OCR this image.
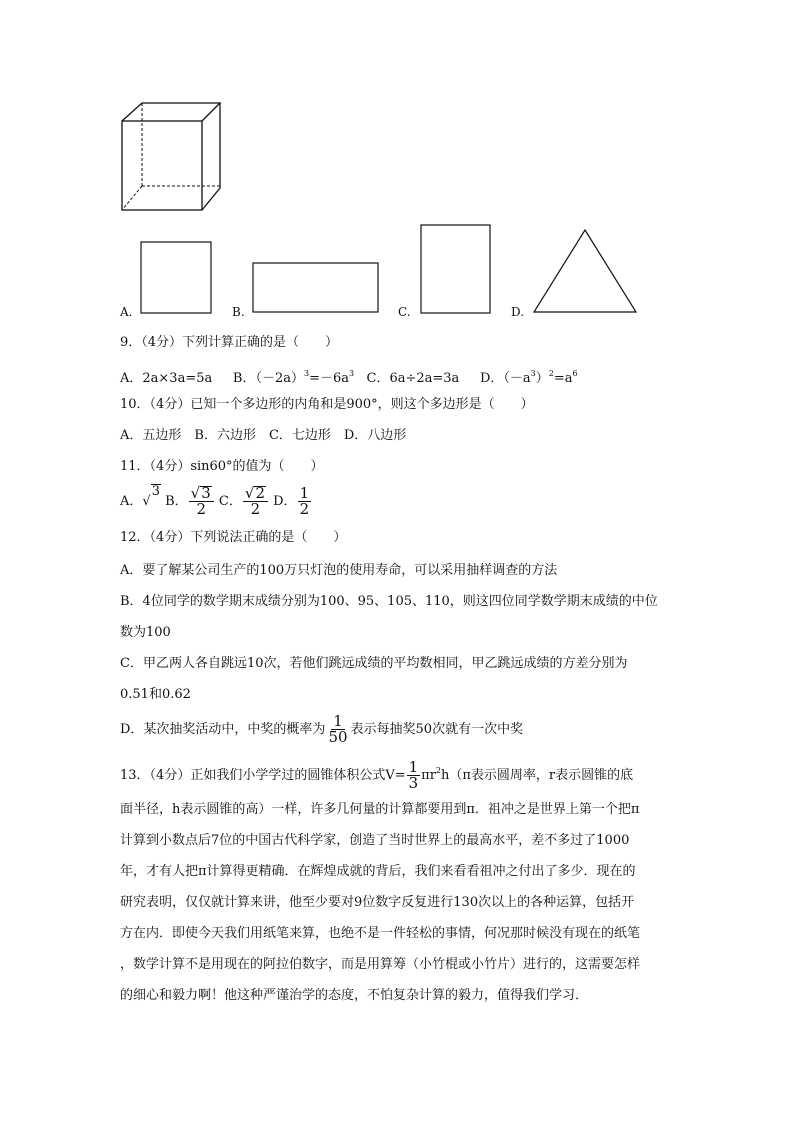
A.	B.	C.	D.
9．（4分）下列计算正确的是（　　）
A．2a×3a=5a B．$(-2a)^3=-6a^3$ C．6a÷2a=3a D．$(-a^3)^2=a^6$
10．（4分）已知一个多边形的内角和是900°，则这个多边形是（　　）
A．五边形　B．六边形　C．七边形　D．八边形
11．（4分）sin60°的值为（　　）
A．√
3
B． $\frac{√ 3}{2}$ C． $\frac{√ 2}{2}$ D． $\frac{1}{2}$
12．（4分）下列说法正确的是（　　）
A．要了解某公司生产的100万只灯泡的使用寿命，可以采用抽样调查的方法
B．4位同学的数学期末成绩分别为100、95、105、110，则这四位同学数学期末成绩的中位
数为100
C．甲乙两人各自跳远10次，若他们跳远成绩的平均数相同，甲乙跳远成绩的方差分别为
0.51和0.62
D．某次抽奖活动中，中奖的概率为 $\frac{1}{50}$ 表示每抽奖50次就有一次中奖
13．（4分）正如我们小学学过的圆锥体积公式$V= \frac{1}{3} \pi r^2h(\pi$表示圆周率，r表示圆锥的底
面半径，h表示圆锥的高）一样，许多几何量的计算都要用到π．祖冲之是世界上第一个把π
计算到小数点后7位的中国古代科学家，创造了当时世界上的最高水平，差不多过了1000
年，才有人把π计算得更精确．在辉煌成就的背后，我们来看看祖冲之付出了多少．现在的
研究表明，仅仅就计算来讲，他至少要对9位数字反复进行130次以上的各种运算，包括开
方在内．即使今天我们用纸笔来算，也绝不是一件轻松的事情，何况那时候没有现在的纸笔
，数学计算不是用现在的阿拉伯数字，而是用算筹（小竹棍或小竹片）进行的，这需要怎样
的细心和毅力啊！他这种严谨治学的态度，不怕复杂计算的毅力，值得我们学习．
